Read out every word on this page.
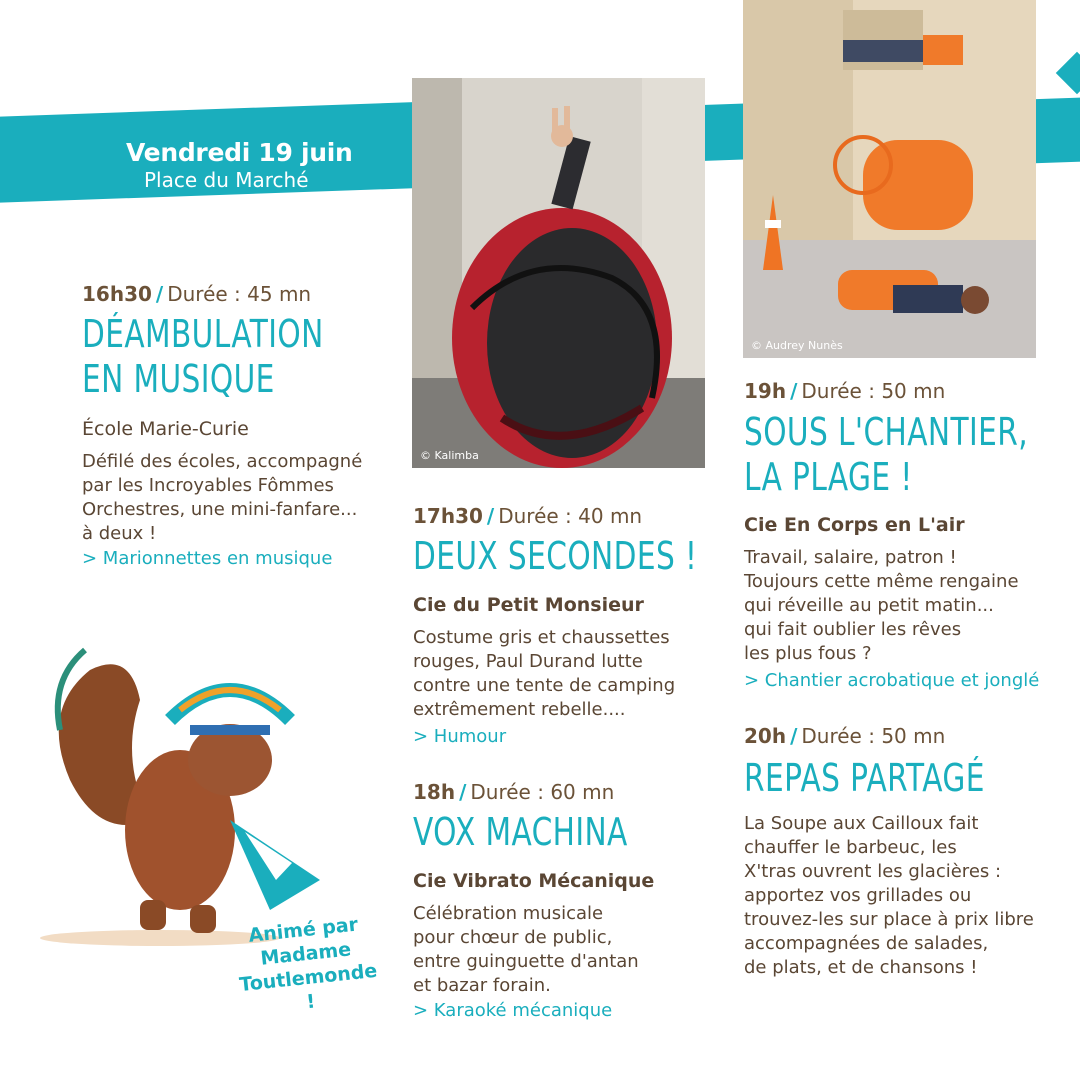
Vendredi 19 juin
Place du Marché
© Kalimba
© Audrey Nunès
16h30 / Durée : 45 mn
DÉAMBULATION
EN MUSIQUE
École Marie-Curie
Défilé des écoles, accompagné
par les Incroyables Fômmes
Orchestres, une mini-fanfare...
à deux !
> Marionnettes en musique
17h30 / Durée : 40 mn
DEUX SECONDES !
Cie du Petit Monsieur
Costume gris et chaussettes
rouges, Paul Durand lutte
contre une tente de camping
extrêmement rebelle....
> Humour
18h / Durée : 60 mn
VOX MACHINA
Cie Vibrato Mécanique
Célébration musicale
pour chœur de public,
entre guinguette d'antan
et bazar forain.
> Karaoké mécanique
19h / Durée : 50 mn
SOUS L'CHANTIER,
LA PLAGE !
Cie En Corps en L'air
Travail, salaire, patron !
Toujours cette même rengaine
qui réveille au petit matin...
qui fait oublier les rêves
les plus fous ?
> Chantier acrobatique et jonglé
20h / Durée : 50 mn
REPAS PARTAGÉ
La Soupe aux Cailloux fait
chauffer le barbeuc, les
X'tras ouvrent les glacières :
apportez vos grillades ou
trouvez-les sur place à prix libre
accompagnées de salades,
de plats, et de chansons !
Animé par
Madame
Toutlemonde !
